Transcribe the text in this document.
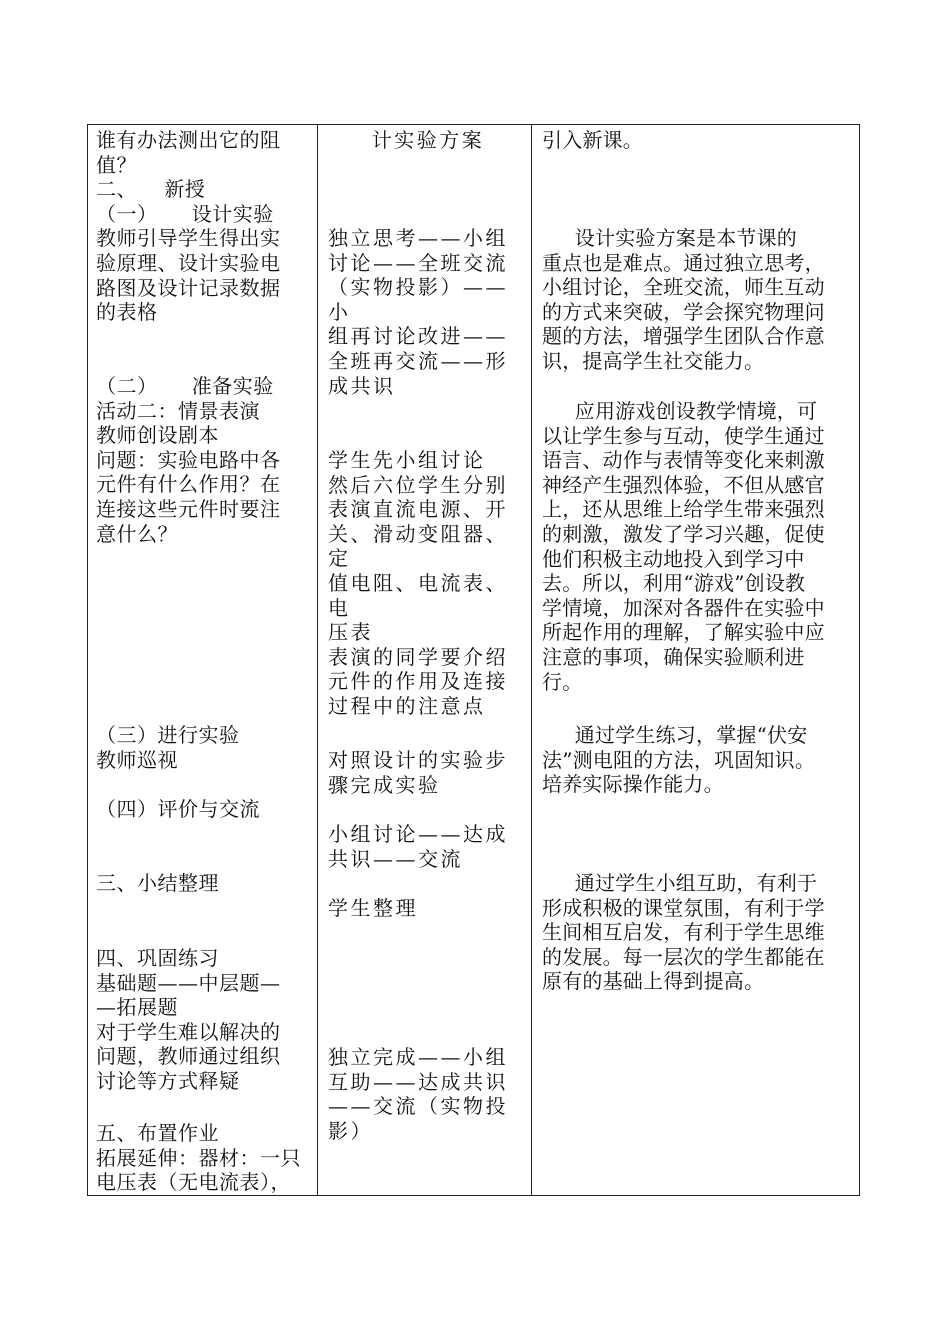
谁有办法测出它的阻
值？
二、    新授
（一）     设计实验
教师引导学生得出实
验原理、设计实验电
路图及设计记录数据
的表格

（二）     准备实验
活动二：情景表演
教师创设剧本
问题：实验电路中各
元件有什么作用？在
连接这些元件时要注
意什么？

（三）进行实验
教师巡视

（四）评价与交流

三、小结整理

四、巩固练习
基础题——中层题—
—拓展题
对于学生难以解决的
问题，教师通过组织
讨论等方式释疑

五、布置作业
拓展延伸：器材：一只
电压表（无电流表），

计实验方案

独立思考——小组
讨论——全班交流
（实物投影）——小
组再讨论改进——
全班再交流——形
成共识

学生先小组讨论
然后六位学生分别
表演直流电源、开
关、滑动变阻器、定
值电阻、电流表、电
压表
表演的同学要介绍
元件的作用及连接
过程中的注意点

对照设计的实验步
骤完成实验

小组讨论——达成
共识——交流

学生整理

独立完成——小组
互助——达成共识
——交流（实物投
影）

引入新课。

设计实验方案是本节课的
重点也是难点。通过独立思考，
小组讨论，全班交流，师生互动
的方式来突破，学会探究物理问
题的方法，增强学生团队合作意
识，提高学生社交能力。

应用游戏创设教学情境，可
以让学生参与互动，使学生通过
语言、动作与表情等变化来刺激
神经产生强烈体验，不但从感官
上，还从思维上给学生带来强烈
的刺激，激发了学习兴趣，促使
他们积极主动地投入到学习中
去。所以，利用“游戏”创设教
学情境，加深对各器件在实验中
所起作用的理解，了解实验中应
注意的事项，确保实验顺利进
行。

通过学生练习，掌握“伏安
法”测电阻的方法，巩固知识。
培养实际操作能力。

通过学生小组互助，有利于
形成积极的课堂氛围，有利于学
生间相互启发，有利于学生思维
的发展。每一层次的学生都能在
原有的基础上得到提高。
